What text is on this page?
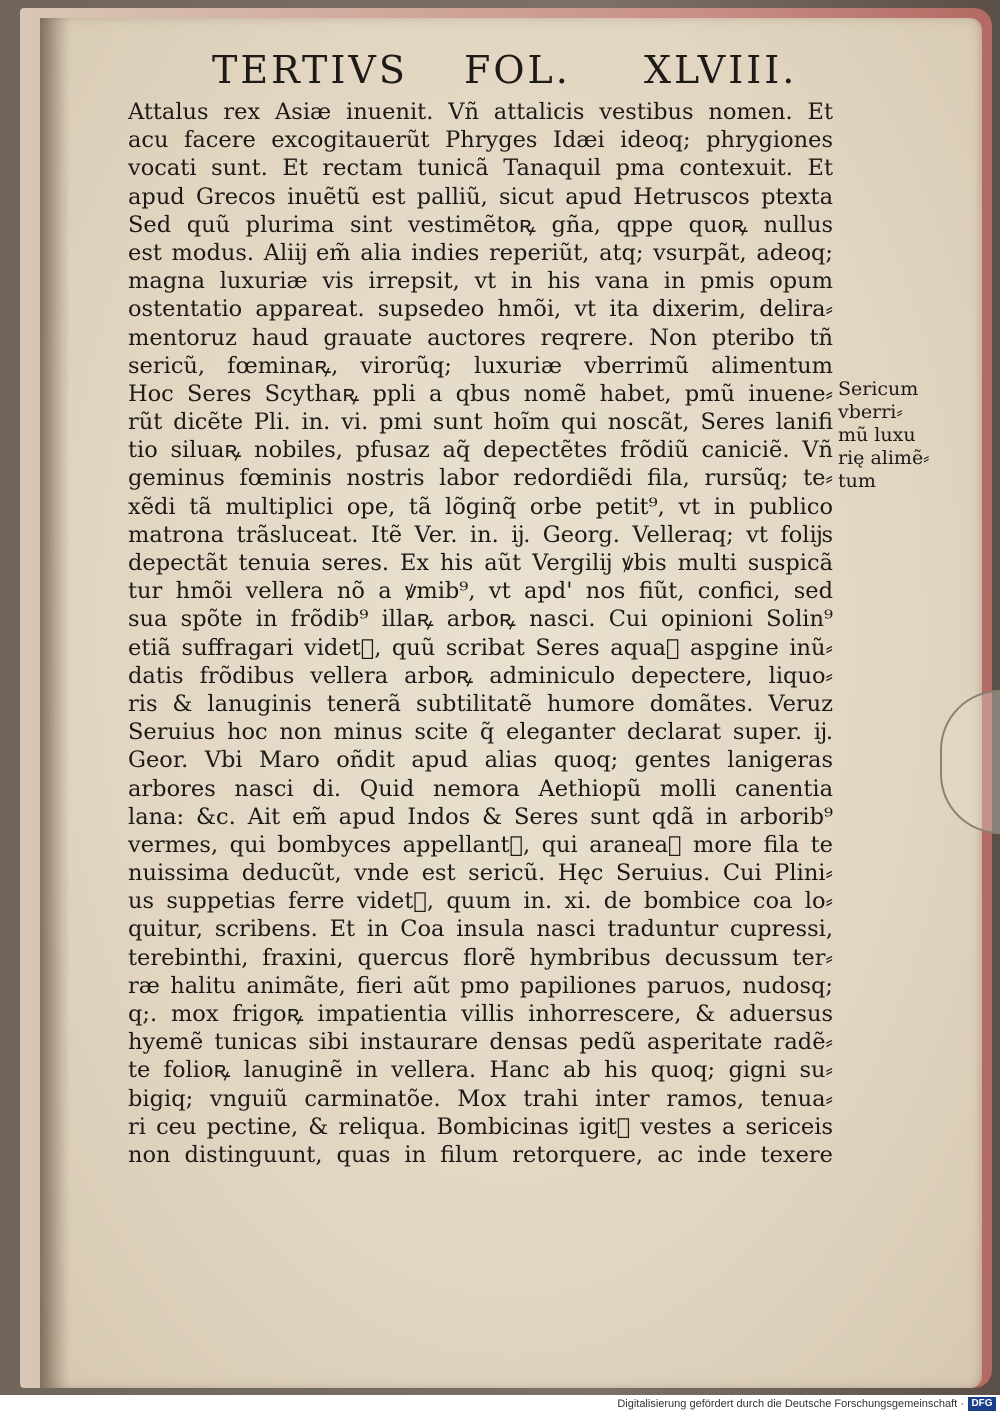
TERTIVS FOL. XLVIII.
Attalus rex Asiæ inuenit. Vñ attalicis vestibus nomen. Et
acu facere excogitauerũt Phryges Idæi ideoq; phrygiones
vocati sunt. Et rectam tunicã Tanaquil pma contexuit. Et
apud Grecos inuẽtũ est palliũ, sicut apud Hetruscos ptexta
Sed quũ plurima sint vestimẽtoꝶ gña, qppe quoꝶ nullus
est modus. Aliĳ em̃ alia indies reperiũt, atq; vsurpãt, adeoq;
magna luxuriæ vis irrepsit, vt in his vana in pmis opum
ostentatio appareat. supsedeo hmõi, vt ita dixerim, delira⸗
mentoruz haud grauate auctores reqrere. Non pteribo tñ
sericũ, fœminaꝶ, virorũq; luxuriæ vberrimũ alimentum
Hoc Seres Scythaꝶ ppli a qbus nomẽ habet, pmũ inuene⸗
rũt dicẽte Pli. in. vi. pmi sunt hoĩm qui noscãt, Seres lanifi
tio siluaꝶ nobiles, pfusaz aq̃ depectẽtes frõdiũ caniciẽ. Vñ
geminus fœminis nostris labor redordiẽdi fila, rursũq; te⸗
xẽdi tã multiplici ope, tã lõginq̃ orbe petit⁹, vt in publico
matrona trãsluceat. Itẽ Ver. in. ĳ. Georg. Velleraq; vt folĳs
depectãt tenuia seres. Ex his aũt Vergilĳ ꝟbis multi suspicã
tur hmõi vellera nõ a ꝟmib⁹, vt apd' nos fiũt, confici, sed
sua spõte in frõdib⁹ illaꝶ arboꝶ nasci. Cui opinioni Solin⁹
etiã suffragari videt᷑, quũ scribat Seres aquaꝶ aspgine inũ⸗
datis frõdibus vellera arboꝶ adminiculo depectere, liquo⸗
ris & lanuginis tenerã subtilitatẽ humore domãtes. Veruz
Seruius hoc non minus scite q̃ eleganter declarat super. ĳ.
Geor. Vbi Maro oñdit apud alias quoq; gentes lanigeras
arbores nasci di. Quid nemora Aethiopũ molli canentia
lana: &c. Ait em̃ apud Indos & Seres sunt qdã in arborib⁹
vermes, qui bombyces appellant᷑, qui araneaꝶ more fila te
nuissima deducũt, vnde est sericũ. Hęc Seruius. Cui Plini⸗
us suppetias ferre videt᷑, quum in. xi. de bombice coa lo⸗
quitur, scribens. Et in Coa insula nasci traduntur cupressi,
terebinthi, fraxini, quercus florẽ hymbribus decussum ter⸗
ræ halitu animãte, fieri aũt pmo papiliones paruos, nudosq;
q;. mox frigoꝶ impatientia villis inhorrescere, & aduersus
hyemẽ tunicas sibi instaurare densas pedũ asperitate radẽ⸗
te folioꝶ lanuginẽ in vellera. Hanc ab his quoq; gigni su⸗
bigiq; vnguiũ carminatõe. Mox trahi inter ramos, tenua⸗
ri ceu pectine, & reliqua. Bombicinas igit᷑ vestes a sericeis
non distinguunt, quas in filum retorquere, ac inde texere
Sericum
vberri⸗
mũ luxu
rię alimẽ⸗
tum
Digitalisierung gefördert durch die Deutsche Forschungsgemeinschaft · DFG
